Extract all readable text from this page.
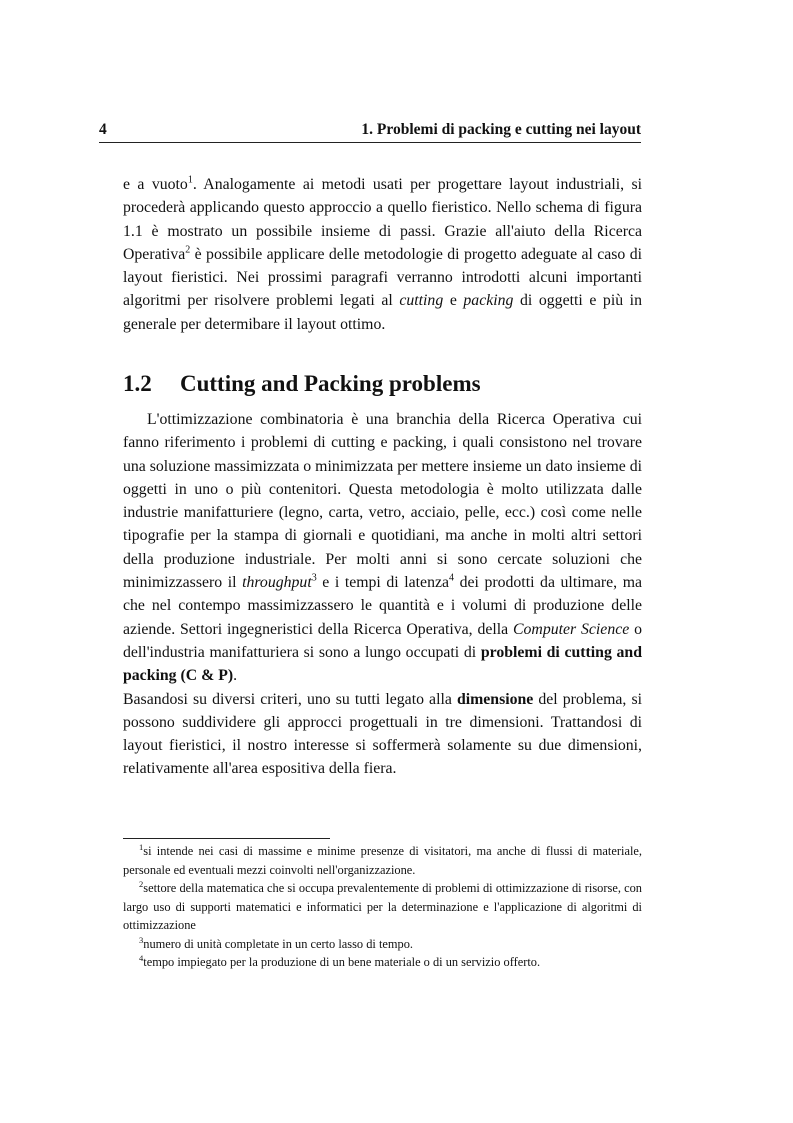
4	1. Problemi di packing e cutting nei layout

e a vuoto$^1$. Analogamente ai metodi usati per progettare layout industriali, si procederà applicando questo approccio a quello fieristico. Nello schema di figura 1.1 è mostrato un possibile insieme di passi. Grazie all'aiuto della Ricerca Operativa$^2$ è possibile applicare delle metodologie di progetto adeguate al caso di layout fieristici. Nei prossimi paragrafi verranno introdotti alcuni importanti algoritmi per risolvere problemi legati al cutting e packing di oggetti e più in generale per determibare il layout ottimo.

1.2 Cutting and Packing problems

L'ottimizzazione combinatoria è una branchia della Ricerca Operativa cui fanno riferimento i problemi di cutting e packing, i quali consistono nel trovare una soluzione massimizzata o minimizzata per mettere insieme un dato insieme di oggetti in uno o più contenitori. Questa metodologia è molto utilizzata dalle industrie manifatturiere (legno, carta, vetro, acciaio, pelle, ecc.) così come nelle tipografie per la stampa di giornali e quotidiani, ma anche in molti altri settori della produzione industriale. Per molti anni si sono cercate soluzioni che minimizzassero il throughput$^3$ e i tempi di latenza$^4$ dei prodotti da ultimare, ma che nel contempo massimizzassero le quantità e i volumi di produzione delle aziende. Settori ingegneristici della Ricerca Operativa, della Computer Science o dell'industria manifatturiera si sono a lungo occupati di problemi di cutting and packing (C & P).

Basandosi su diversi criteri, uno su tutti legato alla dimensione del problema, si possono suddividere gli approcci progettuali in tre dimensioni. Trattandosi di layout fieristici, il nostro interesse si soffermerà solamente su due dimensioni, relativamente all'area espositiva della fiera.

$^1$si intende nei casi di massime e minime presenze di visitatori, ma anche di flussi di materiale, personale ed eventuali mezzi coinvolti nell'organizzazione.

$^2$settore della matematica che si occupa prevalentemente di problemi di ottimizzazione di risorse, con largo uso di supporti matematici e informatici per la determinazione e l'applicazione di algoritmi di ottimizzazione

$^3$numero di unità completate in un certo lasso di tempo.

$^4$tempo impiegato per la produzione di un bene materiale o di un servizio offerto.
